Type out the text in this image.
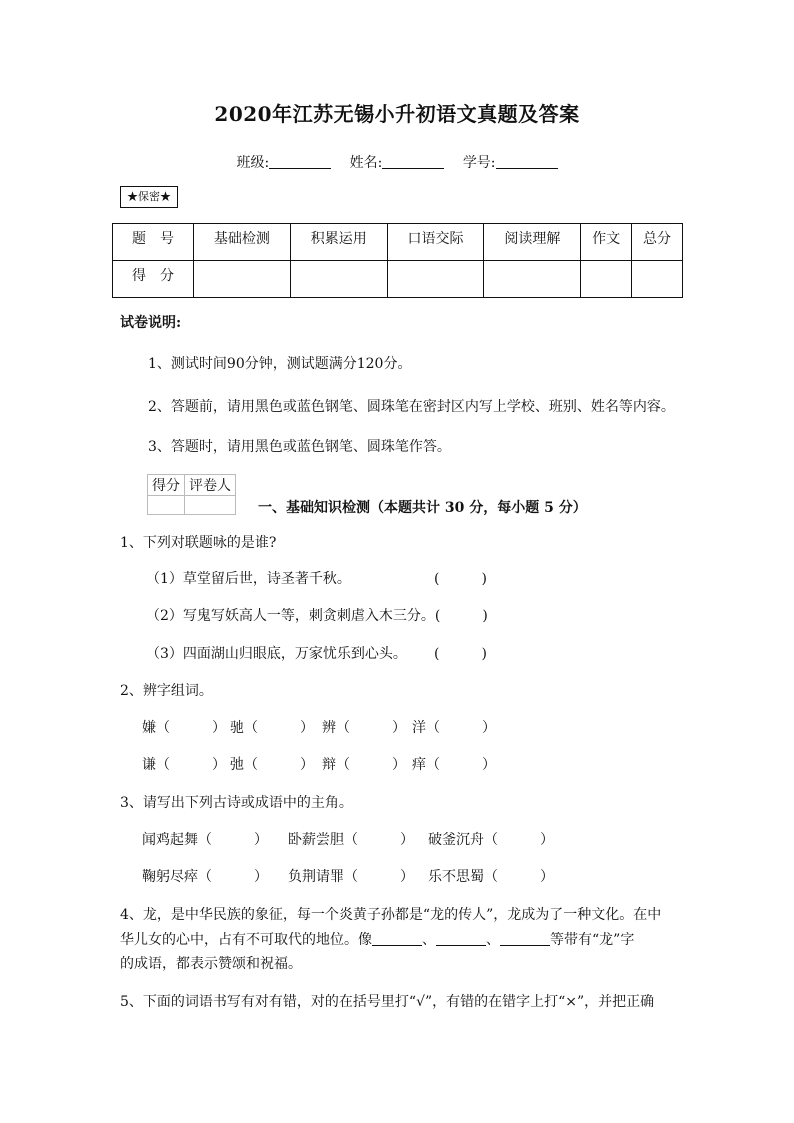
2020年江苏无锡小升初语文真题及答案
班级:	姓名:	学号:
★保密★
题　号	基础检测	积累运用	口语交际	阅读理解	作文	总分
得　分						
试卷说明:
1、测试时间90分钟，测试题满分120分。
2、答题前，请用黑色或蓝色钢笔、圆珠笔在密封区内写上学校、班别、姓名等内容。
3、答题时，请用黑色或蓝色钢笔、圆珠笔作答。
得分	评卷人

一、基础知识检测（本题共计 30 分，每小题 5 分）
1、下列对联题咏的是谁?
（1）草堂留后世，诗圣著千秋。	(　　　)
（2）写鬼写妖高人一等，刺贪刺虐入木三分。(　　　)
（3）四面湖山归眼底，万家忧乐到心头。 (　　　)
2、辨字组词。
嫌（　　　） 驰（　　　） 辨（　　　） 洋（　　　）
谦（　　　） 弛（　　　） 辩（　　　） 痒（　　　）
3、请写出下列古诗或成语中的主角。
闻鸡起舞（　　　） 卧薪尝胆（　　　） 破釜沉舟（　　　）
鞠躬尽瘁（　　　） 负荆请罪（　　　） 乐不思蜀（　　　）
4、龙，是中华民族的象征，每一个炎黄子孙都是“龙的传人”，龙成为了一种文化。在中
华儿女的心中，占有不可取代的地位。像	、	、	等带有“龙”字
的成语，都表示赞颂和祝福。
5、下面的词语书写有对有错，对的在括号里打“√”，有错的在错字上打“×”，并把正确
